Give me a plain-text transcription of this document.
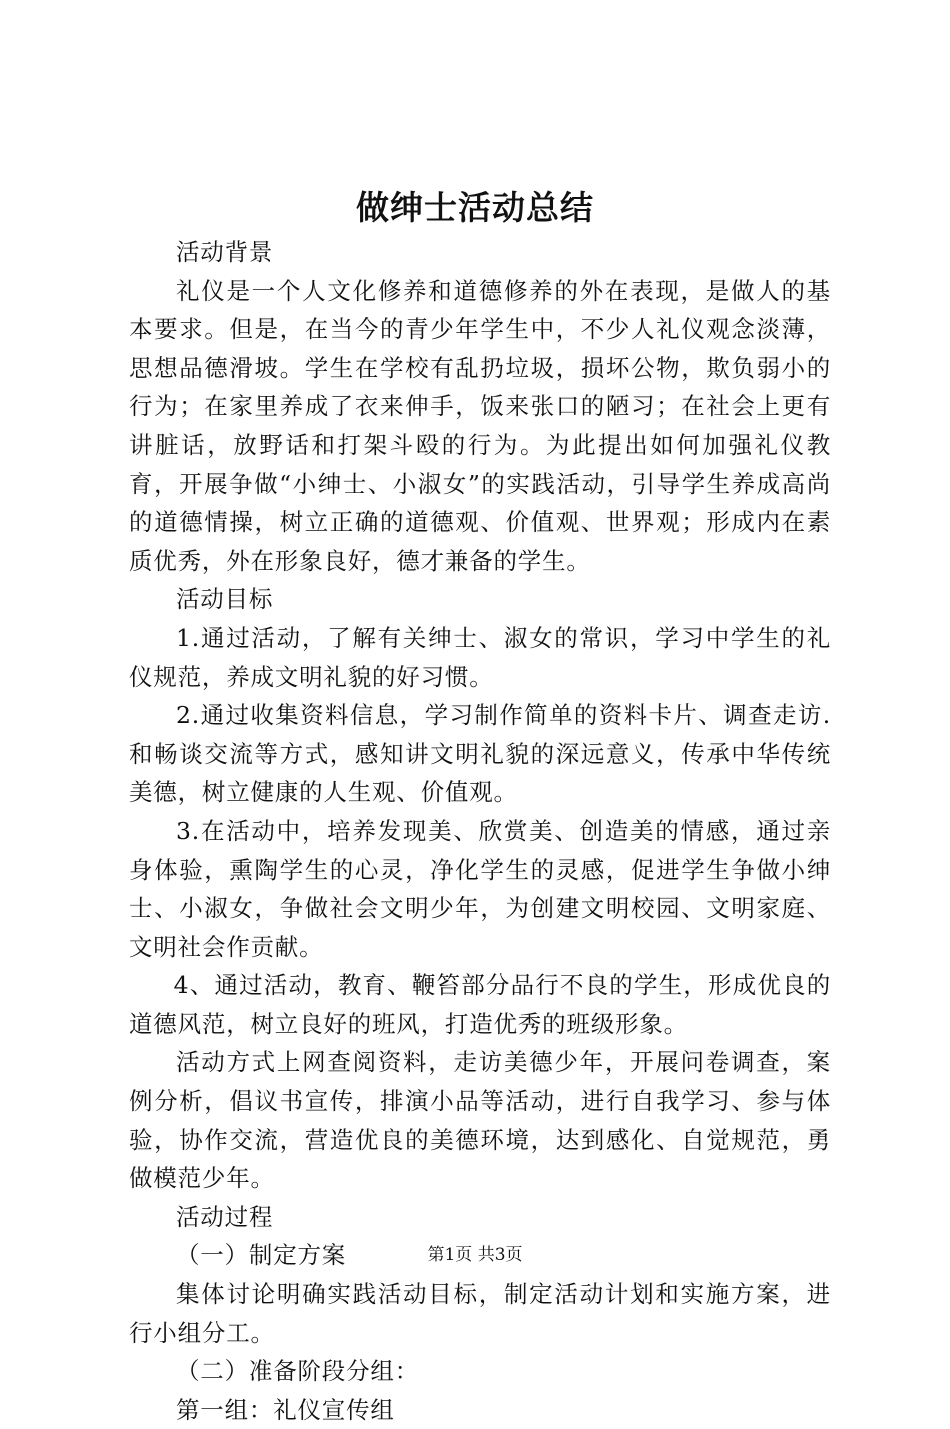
做绅士活动总结

活动背景

礼仪是一个人文化修养和道德修养的外在表现，是做人的基本要求。但是，在当今的青少年学生中，不少人礼仪观念淡薄，思想品德滑坡。学生在学校有乱扔垃圾，损坏公物，欺负弱小的行为；在家里养成了衣来伸手，饭来张口的陋习；在社会上更有讲脏话，放野话和打架斗殴的行为。为此提出如何加强礼仪教育，开展争做“小绅士、小淑女”的实践活动，引导学生养成高尚的道德情操，树立正确的道德观、价值观、世界观；形成内在素质优秀，外在形象良好，德才兼备的学生。

活动目标

1.通过活动，了解有关绅士、淑女的常识，学习中学生的礼仪规范，养成文明礼貌的好习惯。

2.通过收集资料信息，学习制作简单的资料卡片、调查走访.和畅谈交流等方式，感知讲文明礼貌的深远意义，传承中华传统美德，树立健康的人生观、价值观。

3.在活动中，培养发现美、欣赏美、创造美的情感，通过亲身体验，熏陶学生的心灵，净化学生的灵感，促进学生争做小绅士、小淑女，争做社会文明少年，为创建文明校园、文明家庭、文明社会作贡献。

4、通过活动，教育、鞭笞部分品行不良的学生，形成优良的道德风范，树立良好的班风，打造优秀的班级形象。

活动方式上网查阅资料，走访美德少年，开展问卷调查，案例分析，倡议书宣传，排演小品等活动，进行自我学习、参与体验，协作交流，营造优良的美德环境，达到感化、自觉规范，勇做模范少年。

活动过程

（一）制定方案

集体讨论明确实践活动目标，制定活动计划和实施方案，进行小组分工。

（二）准备阶段分组：

第一组：礼仪宣传组

第1页 共3页
